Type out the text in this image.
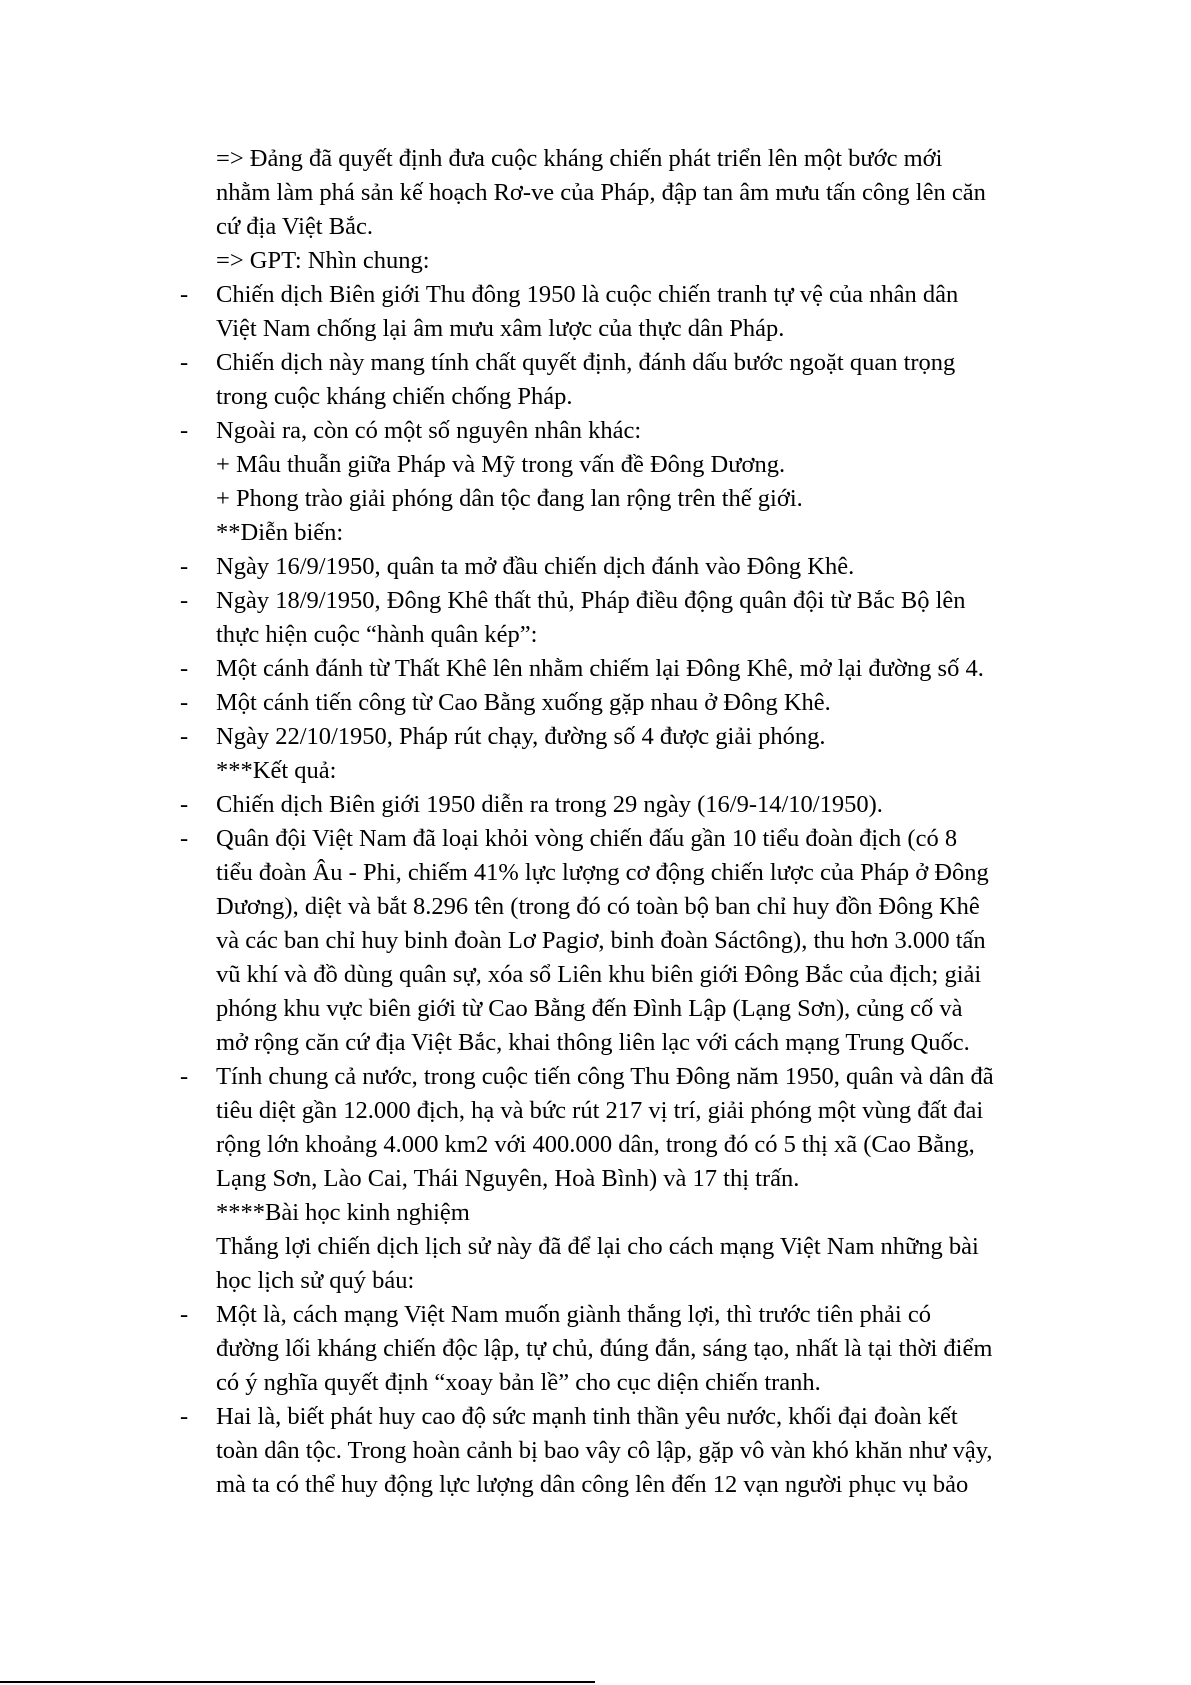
=> Đảng đã quyết định đưa cuộc kháng chiến phát triển lên một bước mới

nhằm làm phá sản kế hoạch Rơ-ve của Pháp, đập tan âm mưu tấn công lên căn

cứ địa Việt Bắc.

=> GPT: Nhìn chung:

-	Chiến dịch Biên giới Thu đông 1950 là cuộc chiến tranh tự vệ của nhân dân

Việt Nam chống lại âm mưu xâm lược của thực dân Pháp.

-	Chiến dịch này mang tính chất quyết định, đánh dấu bước ngoặt quan trọng

trong cuộc kháng chiến chống Pháp.

-	Ngoài ra, còn có một số nguyên nhân khác:

+ Mâu thuẫn giữa Pháp và Mỹ trong vấn đề Đông Dương.

+ Phong trào giải phóng dân tộc đang lan rộng trên thế giới.

**Diễn biến:

-	Ngày 16/9/1950, quân ta mở đầu chiến dịch đánh vào Đông Khê.

-	Ngày 18/9/1950, Đông Khê thất thủ, Pháp điều động quân đội từ Bắc Bộ lên

thực hiện cuộc “hành quân kép”:

-	Một cánh đánh từ Thất Khê lên nhằm chiếm lại Đông Khê, mở lại đường số 4.

-	Một cánh tiến công từ Cao Bằng xuống gặp nhau ở Đông Khê.

-	Ngày 22/10/1950, Pháp rút chạy, đường số 4 được giải phóng.

***Kết quả:

-	Chiến dịch Biên giới 1950 diễn ra trong 29 ngày (16/9-14/10/1950).

-	Quân đội Việt Nam đã loại khỏi vòng chiến đấu gần 10 tiểu đoàn địch (có 8

tiểu đoàn Âu - Phi, chiếm 41% lực lượng cơ động chiến lược của Pháp ở Đông

Dương), diệt và bắt 8.296 tên (trong đó có toàn bộ ban chỉ huy đồn Đông Khê

và các ban chỉ huy binh đoàn Lơ Pagiơ, binh đoàn Sáctông), thu hơn 3.000 tấn

vũ khí và đồ dùng quân sự, xóa sổ Liên khu biên giới Đông Bắc của địch; giải

phóng khu vực biên giới từ Cao Bằng đến Đình Lập (Lạng Sơn), củng cố và

mở rộng căn cứ địa Việt Bắc, khai thông liên lạc với cách mạng Trung Quốc.

-	Tính chung cả nước, trong cuộc tiến công Thu Đông năm 1950, quân và dân đã

tiêu diệt gần 12.000 địch, hạ và bức rút 217 vị trí, giải phóng một vùng đất đai

rộng lớn khoảng 4.000 km2 với 400.000 dân, trong đó có 5 thị xã (Cao Bằng,

Lạng Sơn, Lào Cai, Thái Nguyên, Hoà Bình) và 17 thị trấn.

****Bài học kinh nghiệm

Thắng lợi chiến dịch lịch sử này đã để lại cho cách mạng Việt Nam những bài

học lịch sử quý báu:

-	Một là, cách mạng Việt Nam muốn giành thắng lợi, thì trước tiên phải có

đường lối kháng chiến độc lập, tự chủ, đúng đắn, sáng tạo, nhất là tại thời điểm

có ý nghĩa quyết định “xoay bản lề” cho cục diện chiến tranh.

-	Hai là, biết phát huy cao độ sức mạnh tinh thần yêu nước, khối đại đoàn kết

toàn dân tộc. Trong hoàn cảnh bị bao vây cô lập, gặp vô vàn khó khăn như vậy,

mà ta có thể huy động lực lượng dân công lên đến 12 vạn người phục vụ bảo
